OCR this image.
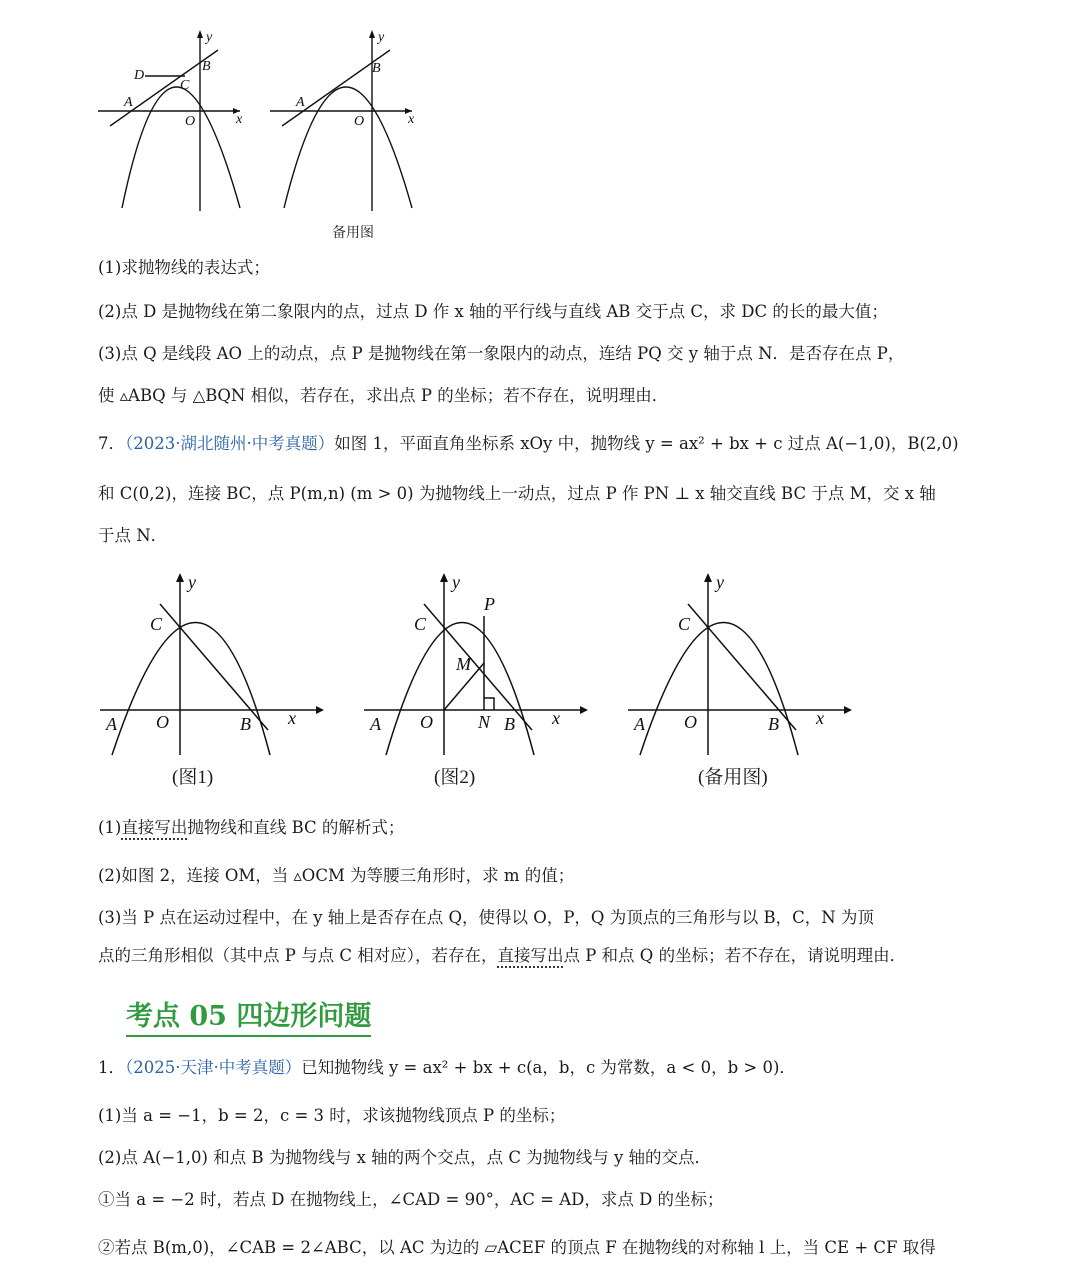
y
x
O
A
B
C
D
y
x
O
A
B
备用图
(1)求抛物线的表达式；
(2)点 D 是抛物线在第二象限内的点，过点 D 作 x 轴的平行线与直线 AB 交于点 C，求 DC 的长的最大值；
(3)点 Q 是线段 AO 上的动点，点 P 是抛物线在第一象限内的动点，连结 PQ 交 y 轴于点 N．是否存在点 P，
使 ▵ABQ 与 △BQN 相似，若存在，求出点 P 的坐标；若不存在，说明理由．
7．（2023·湖北随州·中考真题）如图 1，平面直角坐标系 xOy 中，抛物线 y = ax² + bx + c 过点 A(−1,0)，B(2,0)
和 C(0,2)，连接 BC，点 P(m,n) (m > 0) 为抛物线上一动点，过点 P 作 PN ⊥ x 轴交直线 BC 于点 M，交 x 轴
于点 N．
y
x
O
A	B
C
y
x
O
A	B
C
P
M
N
y
x
O
A	B
C
(图1)	(图2)	(备用图)
(1)直接写出抛物线和直线 BC 的解析式；
(2)如图 2，连接 OM，当 ▵OCM 为等腰三角形时，求 m 的值；
(3)当 P 点在运动过程中，在 y 轴上是否存在点 Q，使得以 O，P，Q 为顶点的三角形与以 B，C，N 为顶
点的三角形相似（其中点 P 与点 C 相对应），若存在，直接写出点 P 和点 Q 的坐标；若不存在，请说明理由．
考点 05 四边形问题
1．（2025·天津·中考真题）已知抛物线 y = ax² + bx + c(a，b，c 为常数，a < 0，b > 0)．
(1)当 a = −1，b = 2，c = 3 时，求该抛物线顶点 P 的坐标；
(2)点 A(−1,0) 和点 B 为抛物线与 x 轴的两个交点，点 C 为抛物线与 y 轴的交点．
①当 a = −2 时，若点 D 在抛物线上，∠CAD = 90°，AC = AD，求点 D 的坐标；
②若点 B(m,0)，∠CAB = 2∠ABC，以 AC 为边的 ▱ACEF 的顶点 F 在抛物线的对称轴 l 上，当 CE + CF 取得
